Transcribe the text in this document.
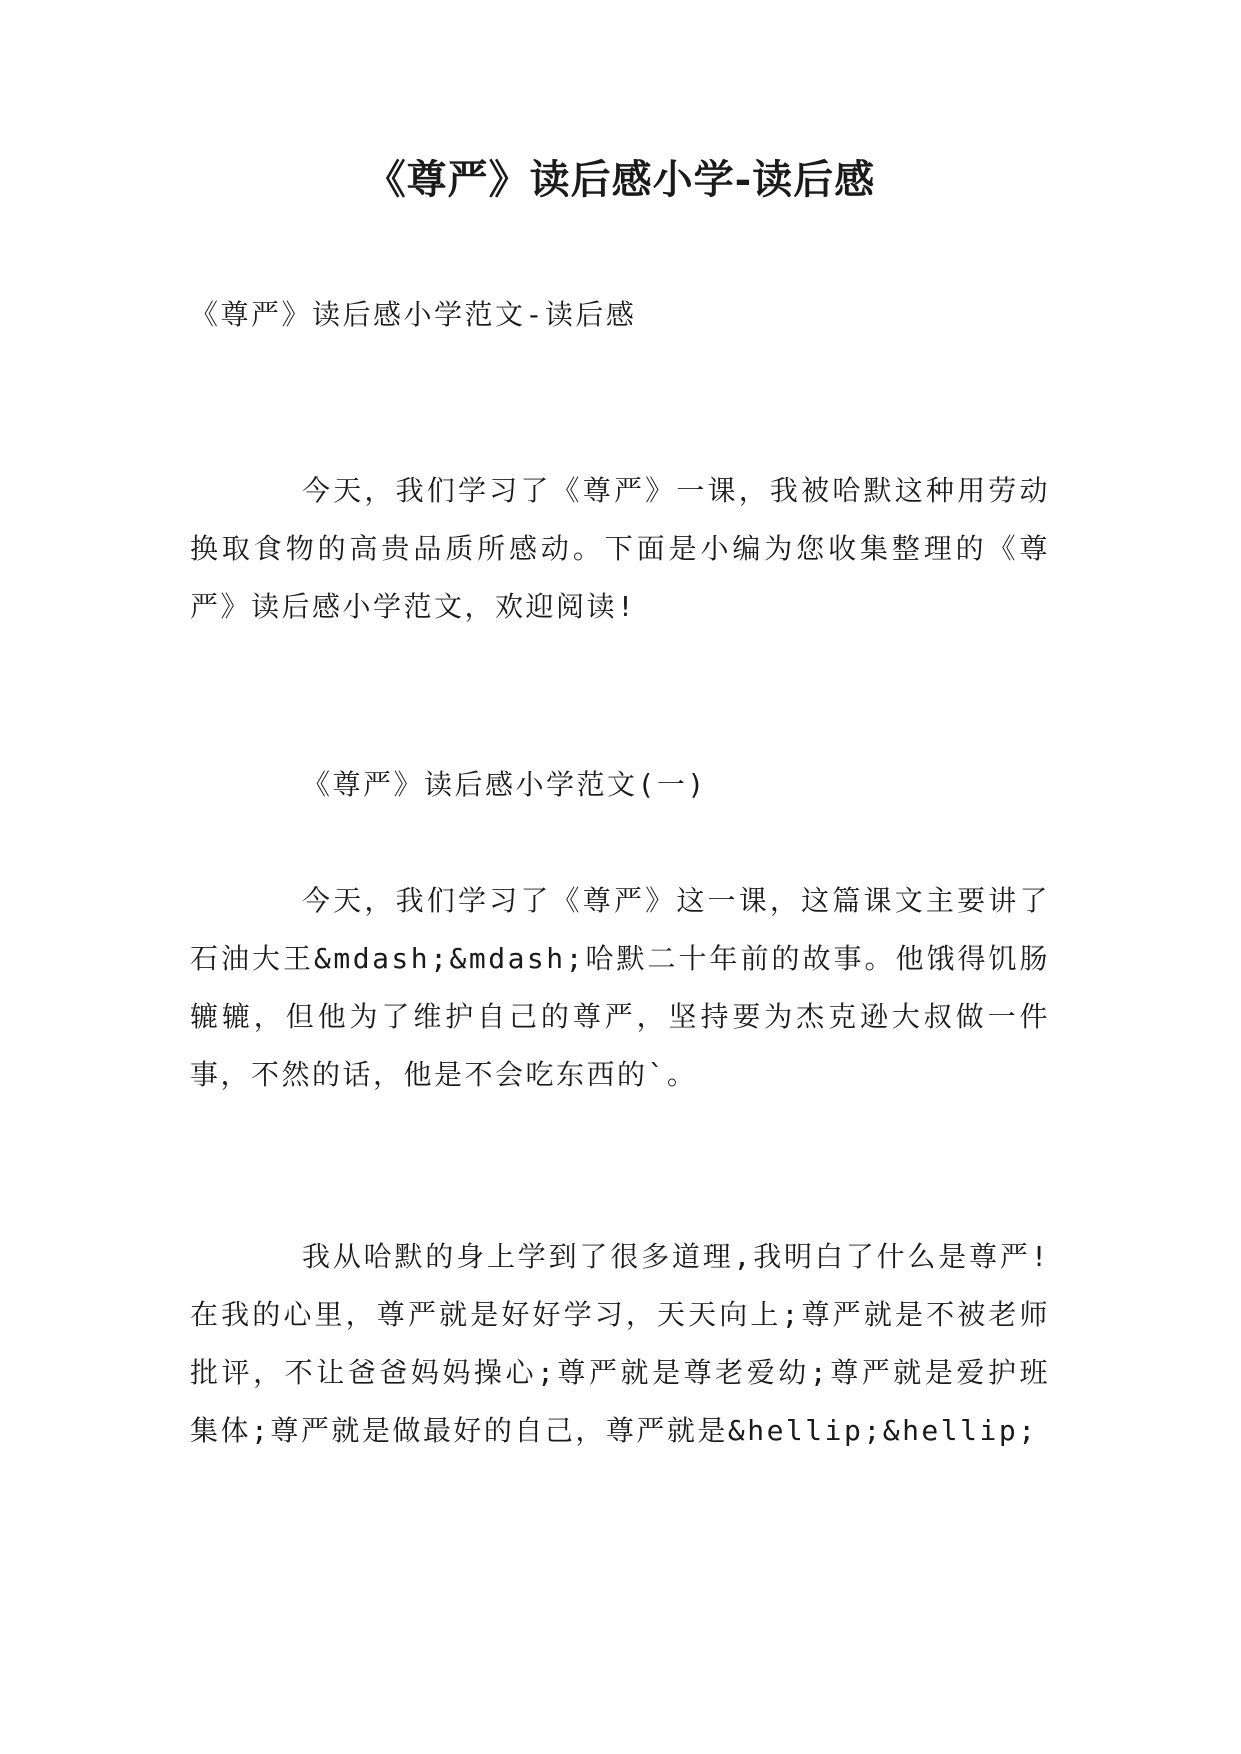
《尊严》读后感小学-读后感

《尊严》读后感小学范文-读后感

今天，我们学习了《尊严》一课，我被哈默这种用劳动换取食物的高贵品质所感动。下面是小编为您收集整理的《尊严》读后感小学范文，欢迎阅读!

《尊严》读后感小学范文(一)

今天，我们学习了《尊严》这一课，这篇课文主要讲了石油大王&mdash;&mdash;哈默二十年前的故事。他饿得饥肠辘辘，但他为了维护自己的尊严，坚持要为杰克逊大叔做一件事，不然的话，他是不会吃东西的`。

我从哈默的身上学到了很多道理,我明白了什么是尊严!在我的心里，尊严就是好好学习，天天向上;尊严就是不被老师批评，不让爸爸妈妈操心;尊严就是尊老爱幼;尊严就是爱护班集体;尊严就是做最好的自己，尊严就是&hellip;&hellip;
